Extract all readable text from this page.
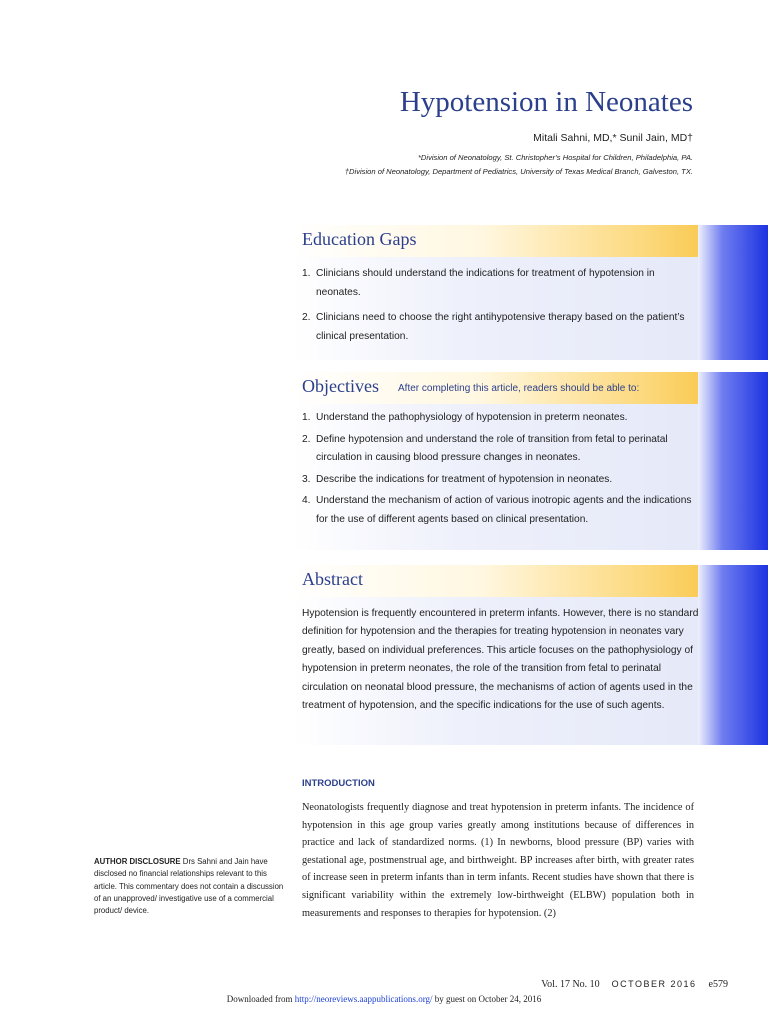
Hypotension in Neonates
Mitali Sahni, MD,* Sunil Jain, MD†
*Division of Neonatology, St. Christopher’s Hospital for Children, Philadelphia, PA.
†Division of Neonatology, Department of Pediatrics, University of Texas Medical Branch, Galveston, TX.
Education Gaps
1. Clinicians should understand the indications for treatment of hypotension in neonates.
2. Clinicians need to choose the right antihypotensive therapy based on the patient’s clinical presentation.
Objectives After completing this article, readers should be able to:
1. Understand the pathophysiology of hypotension in preterm neonates.
2. Define hypotension and understand the role of transition from fetal to perinatal circulation in causing blood pressure changes in neonates.
3. Describe the indications for treatment of hypotension in neonates.
4. Understand the mechanism of action of various inotropic agents and the indications for the use of different agents based on clinical presentation.
Abstract

Hypotension is frequently encountered in preterm infants. However, there is no standard definition for hypotension and the therapies for treating hypotension in neonates vary greatly, based on individual preferences. This article focuses on the pathophysiology of hypotension in preterm neonates, the role of the transition from fetal to perinatal circulation on neonatal blood pressure, the mechanisms of action of agents used in the treatment of hypotension, and the specific indications for the use of such agents.

INTRODUCTION

Neonatologists frequently diagnose and treat hypotension in preterm infants. The incidence of hypotension in this age group varies greatly among institutions because of differences in practice and lack of standardized norms. (1) In newborns, blood pressure (BP) varies with gestational age, postmenstrual age, and birthweight. BP increases after birth, with greater rates of increase seen in preterm infants than in term infants. Recent studies have shown that there is significant variability within the extremely low-birthweight (ELBW) population both in measurements and responses to therapies for hypotension. (2)

AUTHOR DISCLOSURE Drs Sahni and Jain have disclosed no financial relationships relevant to this article. This commentary does not contain a discussion of an unapproved/ investigative use of a commercial product/ device.

Vol. 17 No. 10 OCTOBER 2016 e579
Downloaded from http://neoreviews.aappublications.org/ by guest on October 24, 2016
